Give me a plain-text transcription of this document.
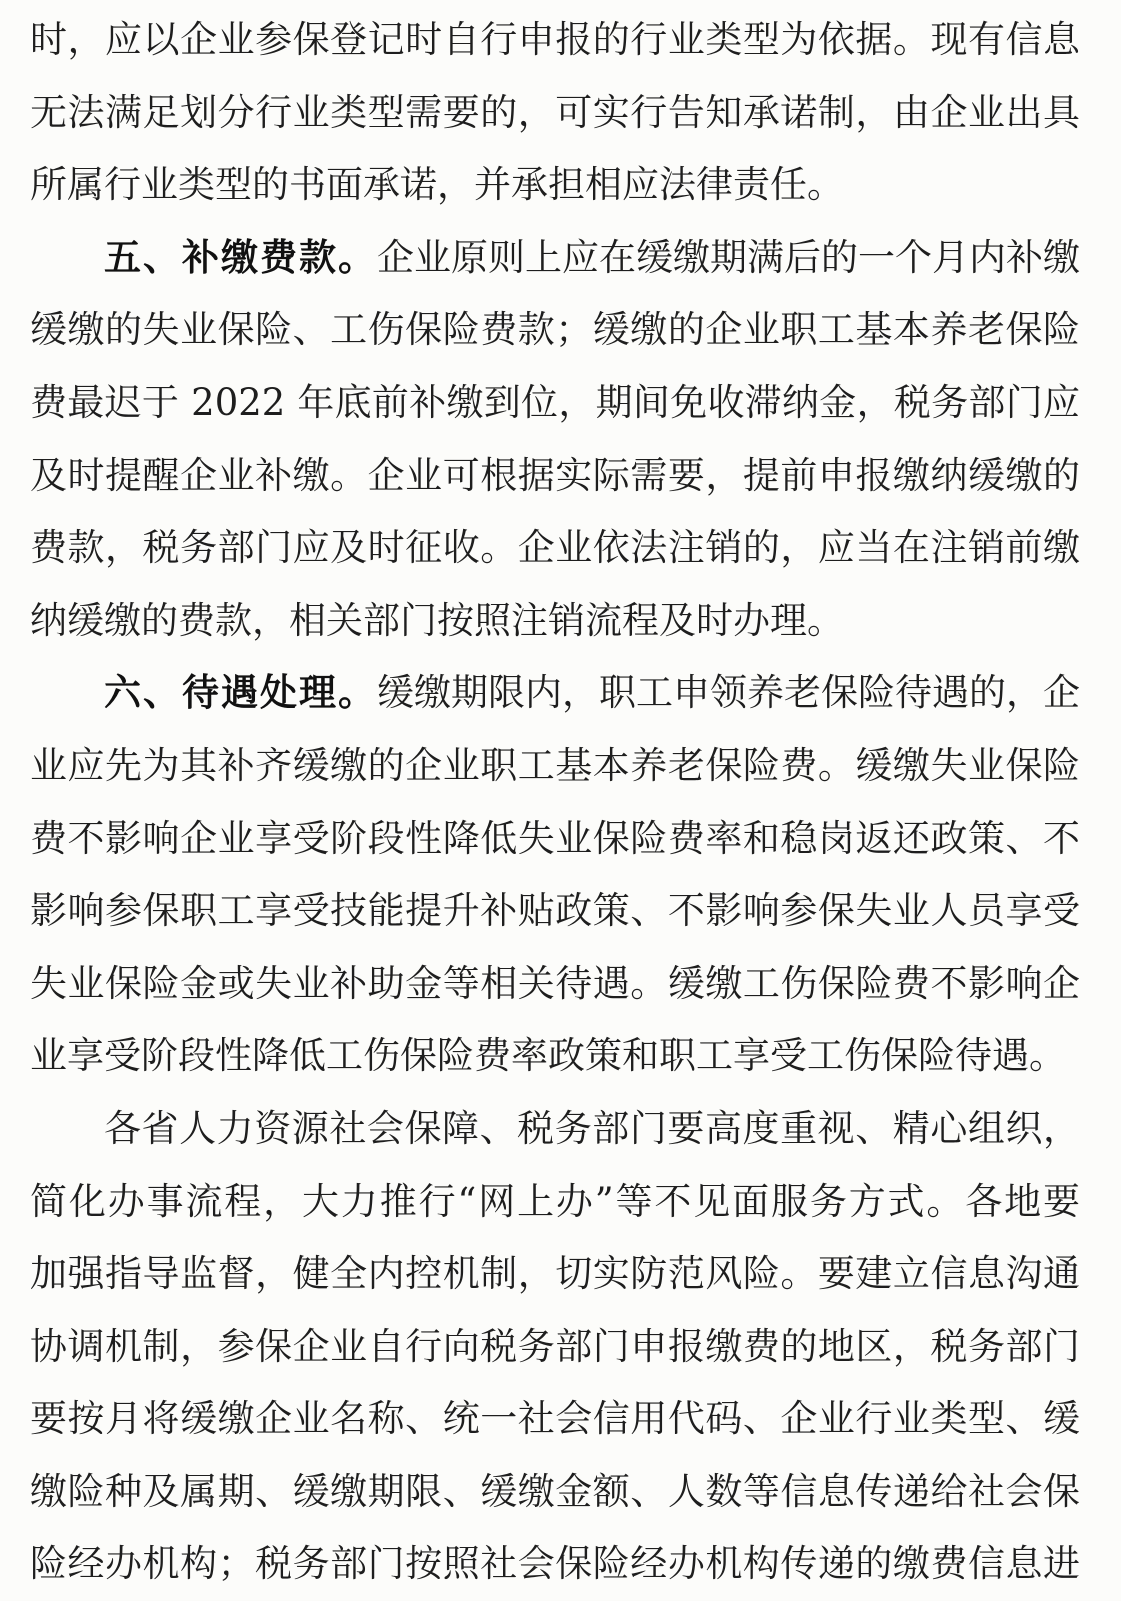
时，应以企业参保登记时自行申报的行业类型为依据。现有信息
无法满足划分行业类型需要的，可实行告知承诺制，由企业出具
所属行业类型的书面承诺，并承担相应法律责任。
五、补缴费款。企业原则上应在缓缴期满后的一个月内补缴
缓缴的失业保险、工伤保险费款；缓缴的企业职工基本养老保险
费最迟于 2022 年底前补缴到位，期间免收滞纳金，税务部门应
及时提醒企业补缴。企业可根据实际需要，提前申报缴纳缓缴的
费款，税务部门应及时征收。企业依法注销的，应当在注销前缴
纳缓缴的费款，相关部门按照注销流程及时办理。
六、待遇处理。缓缴期限内，职工申领养老保险待遇的，企
业应先为其补齐缓缴的企业职工基本养老保险费。缓缴失业保险
费不影响企业享受阶段性降低失业保险费率和稳岗返还政策、不
影响参保职工享受技能提升补贴政策、不影响参保失业人员享受
失业保险金或失业补助金等相关待遇。缓缴工伤保险费不影响企
业享受阶段性降低工伤保险费率政策和职工享受工伤保险待遇。
各省人力资源社会保障、税务部门要高度重视、精心组织，
简化办事流程，大力推行“网上办”等不见面服务方式。各地要
加强指导监督，健全内控机制，切实防范风险。要建立信息沟通
协调机制，参保企业自行向税务部门申报缴费的地区，税务部门
要按月将缓缴企业名称、统一社会信用代码、企业行业类型、缓
缴险种及属期、缓缴期限、缓缴金额、人数等信息传递给社会保
险经办机构；税务部门按照社会保险经办机构传递的缴费信息进
